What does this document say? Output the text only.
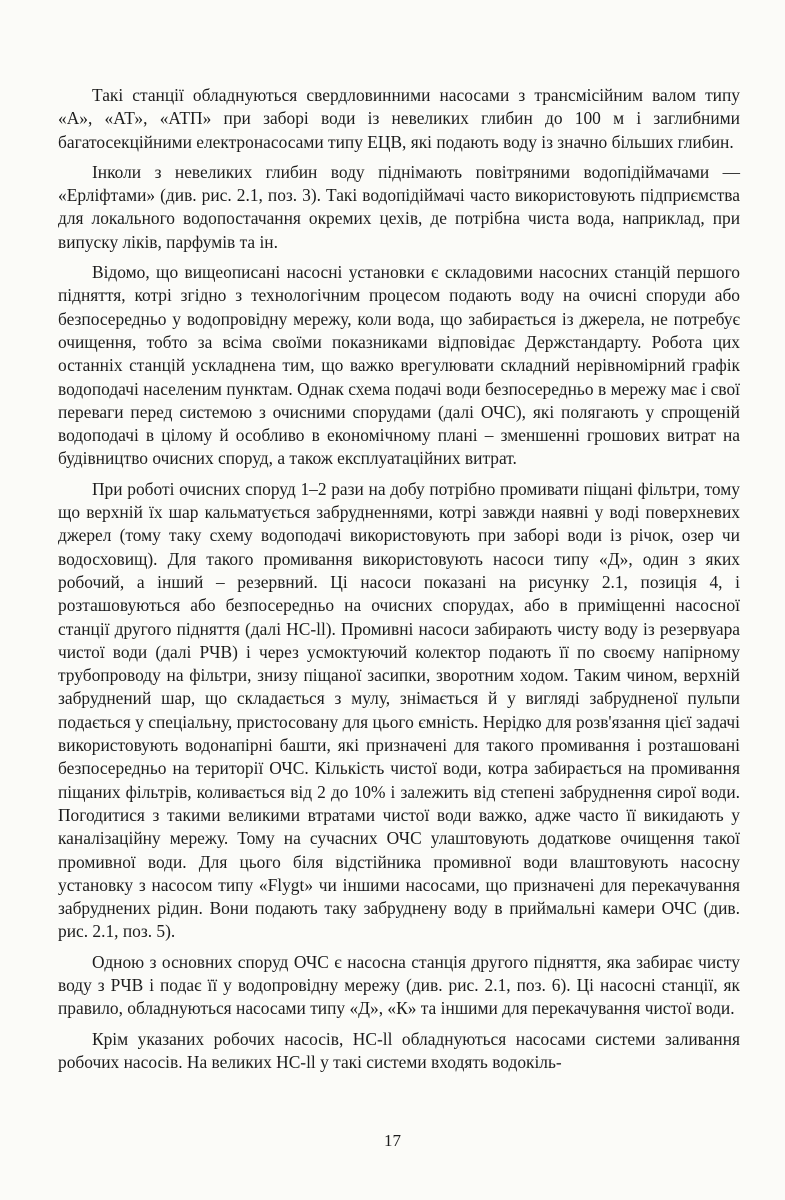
Такі станції обладнуються свердловинними насосами з трансмісійним валом типу «А», «АТ», «АТП» при заборі води із невеликих глибин до 100 м і заглибними багатосекційними електронасосами типу ЕЦВ, які подають воду із значно більших глибин.

Інколи з невеликих глибин воду піднімають повітряними водопідіймачами — «Ерліфтами» (див. рис. 2.1, поз. 3). Такі водопідіймачі часто використовують підприємства для локального водопостачання окремих цехів, де потрібна чиста вода, наприклад, при випуску ліків, парфумів та ін.

Відомо, що вищеописані насосні установки є складовими насосних станцій першого підняття, котрі згідно з технологічним процесом подають воду на очисні споруди або безпосередньо у водопровідну мережу, коли вода, що забирається із джерела, не потребує очищення, тобто за всіма своїми показниками відповідає Держстандарту. Робота цих останніх станцій ускладнена тим, що важко врегулювати складний нерівномірний графік водоподачі населеним пунктам. Однак схема подачі води безпосередньо в мережу має і свої переваги перед системою з очисними спорудами (далі ОЧС), які полягають у спрощеній водоподачі в цілому й особливо в економічному плані – зменшенні грошових витрат на будівництво очисних споруд, а також експлуатаційних витрат.

При роботі очисних споруд 1–2 рази на добу потрібно промивати піщані фільтри, тому що верхній їх шар кальматується забрудненнями, котрі завжди наявні у воді поверхневих джерел (тому таку схему водоподачі використовують при заборі води із річок, озер чи водосховищ). Для такого промивання використовують насоси типу «Д», один з яких робочий, а інший – резервний. Ці насоси показані на рисунку 2.1, позиція 4, і розташовуються або безпосередньо на очисних спорудах, або в приміщенні насосної станції другого підняття (далі НС-ll). Промивні насоси забирають чисту воду із резервуара чистої води (далі РЧВ) і через усмоктуючий колектор подають її по своєму напірному трубопроводу на фільтри, знизу піщаної засипки, зворотним ходом. Таким чином, верхній забруднений шар, що складається з мулу, знімається й у вигляді забрудненої пульпи подається у спеціальну, пристосовану для цього ємність. Нерідко для розв'язання цієї задачі використовують водонапірні башти, які призначені для такого промивання і розташовані безпосередньо на території ОЧС. Кількість чистої води, котра забирається на промивання піщаних фільтрів, коливається від 2 до 10% і залежить від степені забруднення сирої води. Погодитися з такими великими втратами чистої води важко, адже часто її викидають у каналізаційну мережу. Тому на сучасних ОЧС улаштовують додаткове очищення такої промивної води. Для цього біля відстійника промивної води влаштовують насосну установку з насосом типу «Flygt» чи іншими насосами, що призначені для перекачування забруднених рідин. Вони подають таку забруднену воду в приймальні камери ОЧС (див. рис. 2.1, поз. 5).

Одною з основних споруд ОЧС є насосна станція другого підняття, яка забирає чисту воду з РЧВ і подає її у водопровідну мережу (див. рис. 2.1, поз. 6). Ці насосні станції, як правило, обладнуються насосами типу «Д», «К» та іншими для перекачування чистої води.

Крім указаних робочих насосів, НС-ll обладнуються насосами системи заливання робочих насосів. На великих НС-ll у такі системи входять водокіль-

17
